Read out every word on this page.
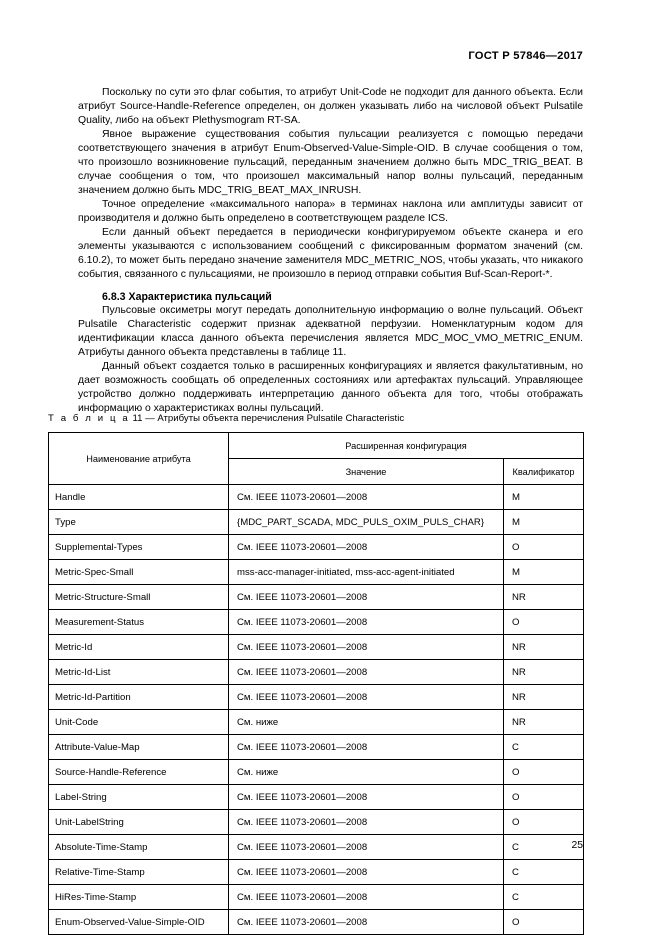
ГОСТ Р 57846—2017

Поскольку по сути это флаг события, то атрибут Unit-Code не подходит для данного объекта. Если атрибут Source-Handle-Reference определен, он должен указывать либо на числовой объект Pulsatile Quality, либо на объект Plethysmogram RT-SA.

Явное выражение существования события пульсации реализуется с помощью передачи соответствующего значения в атрибут Enum-Observed-Value-Simple-OID. В случае сообщения о том, что произошло возникновение пульсаций, переданным значением должно быть MDC_TRIG_BEAT. В случае сообщения о том, что произошел максимальный напор волны пульсаций, переданным значением должно быть MDC_TRIG_BEAT_MAX_INRUSH.

Точное определение «максимального напора» в терминах наклона или амплитуды зависит от производителя и должно быть определено в соответствующем разделе ICS.

Если данный объект передается в периодически конфигурируемом объекте сканера и его элементы указываются с использованием сообщений с фиксированным форматом значений (см. 6.10.2), то может быть передано значение заменителя MDC_METRIC_NOS, чтобы указать, что никакого события, связанного с пульсациями, не произошло в период отправки события Buf-Scan-Report-*.

6.8.3 Характеристика пульсаций

Пульсовые оксиметры могут передать дополнительную информацию о волне пульсаций. Объект Pulsatile Characteristic содержит признак адекватной перфузии. Номенклатурным кодом для идентификации класса данного объекта перечисления является MDC_MOC_VMO_METRIC_ENUM. Атрибуты данного объекта представлены в таблице 11.

Данный объект создается только в расширенных конфигурациях и является факультативным, но дает возможность сообщать об определенных состояниях или артефактах пульсаций. Управляющее устройство должно поддерживать интерпретацию данного объекта для того, чтобы отображать информацию о характеристиках волны пульсаций.

Т а б л и ц а 11 — Атрибуты объекта перечисления Pulsatile Characteristic
Наименование атрибута	Расширенная конфигурация	
	Значение	Квалификатор
Handle	См. IEEE 11073-20601—2008	M
Type	{MDC_PART_SCADA, MDC_PULS_OXIM_PULS_CHAR}	M
Supplemental-Types	См. IEEE 11073-20601—2008	O
Metric-Spec-Small	mss-acc-manager-initiated, mss-acc-agent-initiated	M
Metric-Structure-Small	См. IEEE 11073-20601—2008	NR
Measurement-Status	См. IEEE 11073-20601—2008	O
Metric-Id	См. IEEE 11073-20601—2008	NR
Metric-Id-List	См. IEEE 11073-20601—2008	NR
Metric-Id-Partition	См. IEEE 11073-20601—2008	NR
Unit-Code	См. ниже	NR
Attribute-Value-Map	См. IEEE 11073-20601—2008	C
Source-Handle-Reference	См. ниже	O
Label-String	См. IEEE 11073-20601—2008	O
Unit-LabelString	См. IEEE 11073-20601—2008	O
Absolute-Time-Stamp	См. IEEE 11073-20601—2008	C
Relative-Time-Stamp	См. IEEE 11073-20601—2008	C
HiRes-Time-Stamp	См. IEEE 11073-20601—2008	C
Enum-Observed-Value-Simple-OID	См. IEEE 11073-20601—2008	O
25
